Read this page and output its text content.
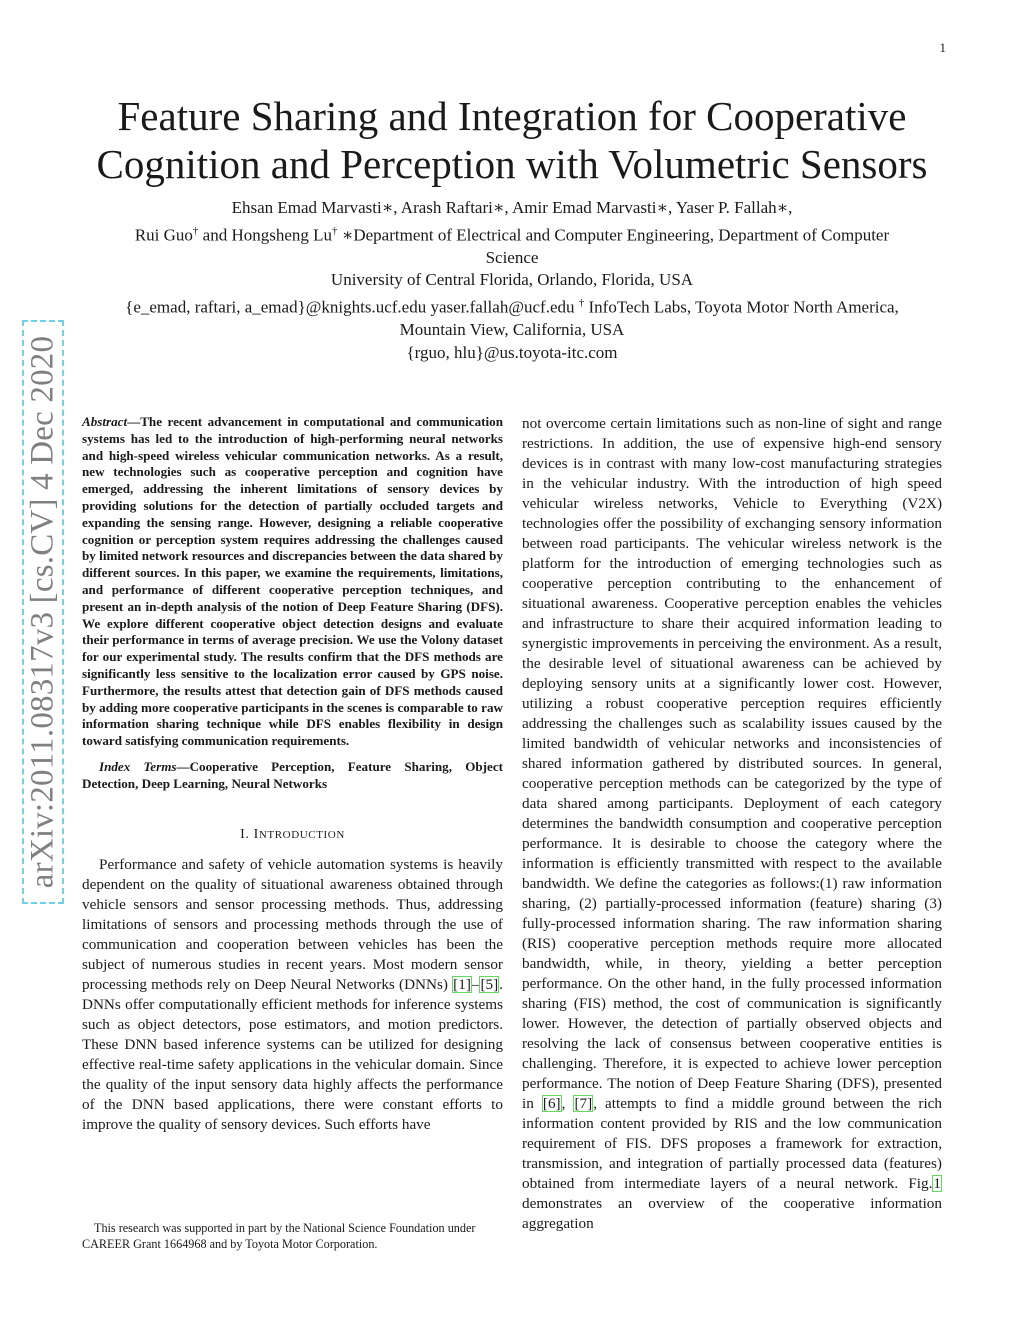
1
arXiv:2011.08317v3 [cs.CV] 4 Dec 2020
Feature Sharing and Integration for Cooperative
Cognition and Perception with Volumetric Sensors
Ehsan Emad Marvasti∗, Arash Raftari∗, Amir Emad Marvasti∗, Yaser P. Fallah∗,
Rui Guo† and Hongsheng Lu† ∗Department of Electrical and Computer Engineering, Department of Computer
Science
University of Central Florida, Orlando, Florida, USA
{e_emad, raftari, a_emad}@knights.ucf.edu yaser.fallah@ucf.edu † InfoTech Labs, Toyota Motor North America,
Mountain View, California, USA
{rguo, hlu}@us.toyota-itc.com

Abstract—The recent advancement in computational and communication systems has led to the introduction of high-performing neural networks and high-speed wireless vehicular communication networks. As a result, new technologies such as cooperative perception and cognition have emerged, addressing the inherent limitations of sensory devices by providing solutions for the detection of partially occluded targets and expanding the sensing range. However, designing a reliable cooperative cognition or perception system requires addressing the challenges caused by limited network resources and discrepancies between the data shared by different sources. In this paper, we examine the requirements, limitations, and performance of different cooperative perception techniques, and present an in-depth analysis of the notion of Deep Feature Sharing (DFS). We explore different cooperative object detection designs and evaluate their performance in terms of average precision. We use the Volony dataset for our experimental study. The results confirm that the DFS methods are significantly less sensitive to the localization error caused by GPS noise. Furthermore, the results attest that detection gain of DFS methods caused by adding more cooperative participants in the scenes is comparable to raw information sharing technique while DFS enables flexibility in design toward satisfying communication requirements.

Index Terms—Cooperative Perception, Feature Sharing, Object Detection, Deep Learning, Neural Networks

I. INTRODUCTION

Performance and safety of vehicle automation systems is heavily dependent on the quality of situational awareness obtained through vehicle sensors and sensor processing methods. Thus, addressing limitations of sensors and processing methods through the use of communication and cooperation between vehicles has been the subject of numerous studies in recent years. Most modern sensor processing methods rely on Deep Neural Networks (DNNs) [1]–[5]. DNNs offer computationally efficient methods for inference systems such as object detectors, pose estimators, and motion predictors. These DNN based inference systems can be utilized for designing effective real-time safety applications in the vehicular domain. Since the quality of the input sensory data highly affects the performance of the DNN based applications, there were constant efforts to improve the quality of sensory devices. Such efforts have

This research was supported in part by the National Science Foundation under CAREER Grant 1664968 and by Toyota Motor Corporation.

not overcome certain limitations such as non-line of sight and range restrictions. In addition, the use of expensive high-end sensory devices is in contrast with many low-cost manufacturing strategies in the vehicular industry. With the introduction of high speed vehicular wireless networks, Vehicle to Everything (V2X) technologies offer the possibility of exchanging sensory information between road participants. The vehicular wireless network is the platform for the introduction of emerging technologies such as cooperative perception contributing to the enhancement of situational awareness. Cooperative perception enables the vehicles and infrastructure to share their acquired information leading to synergistic improvements in perceiving the environment. As a result, the desirable level of situational awareness can be achieved by deploying sensory units at a significantly lower cost. However, utilizing a robust cooperative perception requires efficiently addressing the challenges such as scalability issues caused by the limited bandwidth of vehicular networks and inconsistencies of shared information gathered by distributed sources. In general, cooperative perception methods can be categorized by the type of data shared among participants. Deployment of each category determines the bandwidth consumption and cooperative perception performance. It is desirable to choose the category where the information is efficiently transmitted with respect to the available bandwidth. We define the categories as follows:(1) raw information sharing, (2) partially-processed information (feature) sharing (3) fully-processed information sharing. The raw information sharing (RIS) cooperative perception methods require more allocated bandwidth, while, in theory, yielding a better perception performance. On the other hand, in the fully processed information sharing (FIS) method, the cost of communication is significantly lower. However, the detection of partially observed objects and resolving the lack of consensus between cooperative entities is challenging. Therefore, it is expected to achieve lower perception performance. The notion of Deep Feature Sharing (DFS), presented in [6], [7], attempts to find a middle ground between the rich information content provided by RIS and the low communication requirement of FIS. DFS proposes a framework for extraction, transmission, and integration of partially processed data (features) obtained from intermediate layers of a neural network. Fig.1 demonstrates an overview of the cooperative information aggregation
